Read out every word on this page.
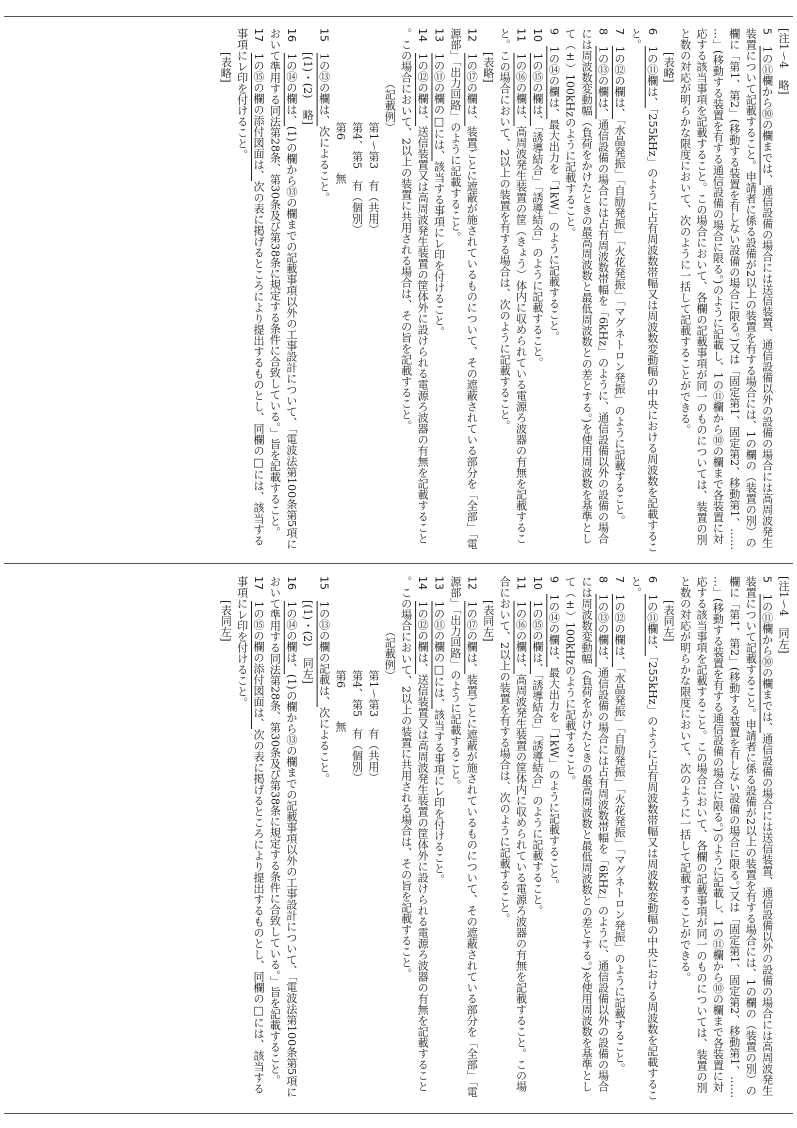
[注1～4　略]

5　1の⑪欄から⑩の欄までは、通信設備の場合には送信装置、通信設備以外の設備の場合には高周波発生装置について記載すること。申請者に係る設備が2以上の装置を有する場合には、1の欄の（装置の別）の欄に「第1、第2」(移動する装置を有しない設備の場合に限る。)又は「固定第1、固定第2、移動第1、………」(移動する装置を有する通信設備の場合に限る。)のように記載し、1の⑪欄から⑩の欄まで各装置に対応する該当事項を記載すること。この場合において、各欄の記載事項が同一のものについては、装置の別と数の対応が明らかな限度において、次のように一括して記載することができる。

[表略]

6　1の⑪欄は、「255kHz」のように占有周波数帯幅又は周波数変動幅の中央における周波数を記載すること。

7　1の⑫の欄は、「水晶発振」「自励発振」「火花発振」「マグネトロン発振」のように記載すること。

8　1の⑬の欄は、通信設備の場合には占有周波数帯幅を「6kHz」のように、通信設備以外の設備の場合には周波数変動幅（負荷をかけたときの最高周波数と最低周波数との差とする。)を使用周波数を基準として（±）100kHzのように記載すること。

9　1の⑭の欄は、最大出力を「1kW」のように記載すること。

10　1の⑮の欄は、「誘導結合」「誘導結合」のように記載すること。

11　1の⑯の欄は、高周波発生装置の筐（きょう）体内に収められている電源ろ波器の有無を記載すること。この場合において、2以上の装置を有する場合は、次のように記載すること。

[表略]

12　1の⑰の欄は、装置ごとに遮蔽が施されているものについて、その遮蔽されている部分を「全部」「電源部」「出力回路」のように記載すること。

13　1の⑪の欄の□には、該当する事項にレ印を付けること。

14　1の⑫の欄は、送信装置又は高周波発生装置の筐体外に設けられる電源ろ波器の有無を記載すること。この場合において、2以上の装置に共用される場合は、その旨を記載すること。

（記載例）

第1～第3　有（共用）

第4、第5　有（個別）

第6　　　無

15　1の⑬の欄は、次によること。

[(1)・(2)　略]

16　1の⑭の欄は、(1)の欄から⑬の欄までの記載事項以外の工事設計について、「電波法第100条第5項において準用する同法第28条、第30条及び第38条に規定する条件に合致している。」旨を記載すること。

17　1の⑮の欄の添付図面は、次の表に掲げるところにより提出するものとし、同欄の□には、該当する事項にレ印を付けること。

[表略]

[注1～4　同左]

5　1の⑪欄から⑩の欄までは、通信設備の場合には送信装置、通信設備以外の設備の場合には高周波発生装置について記載すること。申請者に係る設備が2以上の装置を有する場合には、1の欄の（装置の別）の欄に「第1、第2」(移動する装置を有しない設備の場合に限る。)又は「固定第1、固定第2、移動第1、………」(移動する装置を有する通信設備の場合に限る。)のように記載し、1の⑪欄から⑩の欄まで各装置に対応する該当事項を記載すること。この場合において、各欄の記載事項が同一のものについては、装置の別と数の対応が明らかな限度において、次のように一括して記載することができる。

[表同左]

6　1の⑪欄は、「255kHz」のように占有周波数帯幅又は周波数変動幅の中央における周波数を記載すること。

7　1の⑫の欄は、「水晶発振」「自励発振」「火花発振」「マグネトロン発振」のように記載すること。

8　1の⑬の欄は、通信設備の場合には占有周波数帯幅を「6kHz」のように、通信設備以外の設備の場合には周波数変動幅（負荷をかけたときの最高周波数と最低周波数との差とする。)を使用周波数を基準として（±）100kHzのように記載すること。

9　1の⑭の欄は、最大出力を「1kW」のように記載すること。

10　1の⑮の欄は、「誘導結合」「誘導結合」のように記載すること。

11　1の⑯の欄は、高周波発生装置の筐体内に収められている電源ろ波器の有無を記載すること。この場合において、2以上の装置を有する場合は、次のように記載すること。

[表同左]

12　1の⑰の欄は、装置ごとに遮蔽が施されているものについて、その遮蔽されている部分を「全部」「電源部」「出力回路」のように記載すること。

13　1の⑪の欄の□には、該当する事項にレ印を付けること。

14　1の⑫の欄は、送信装置又は高周波発生装置の筐体外に設けられる電源ろ波器の有無を記載すること。この場合において、2以上の装置に共用される場合は、その旨を記載すること。

（記載例）

第1～第3　有（共用）

第4、第5　有（個別）

第6　　　無

15　1の⑬の欄の記載は、次によること。

[(1)・(2)　同左]

16　1の⑭の欄は、(1)の欄から⑬の欄までの記載事項以外の工事設計について、「電波法第100条第5項において準用する同法第28条、第30条及び第38条に規定する条件に合致している。」旨を記載すること。

17　1の⑮の欄の添付図面は、次の表に掲げるところにより提出するものとし、同欄の□には、該当する事項にレ印を付けること。

[表同左]
